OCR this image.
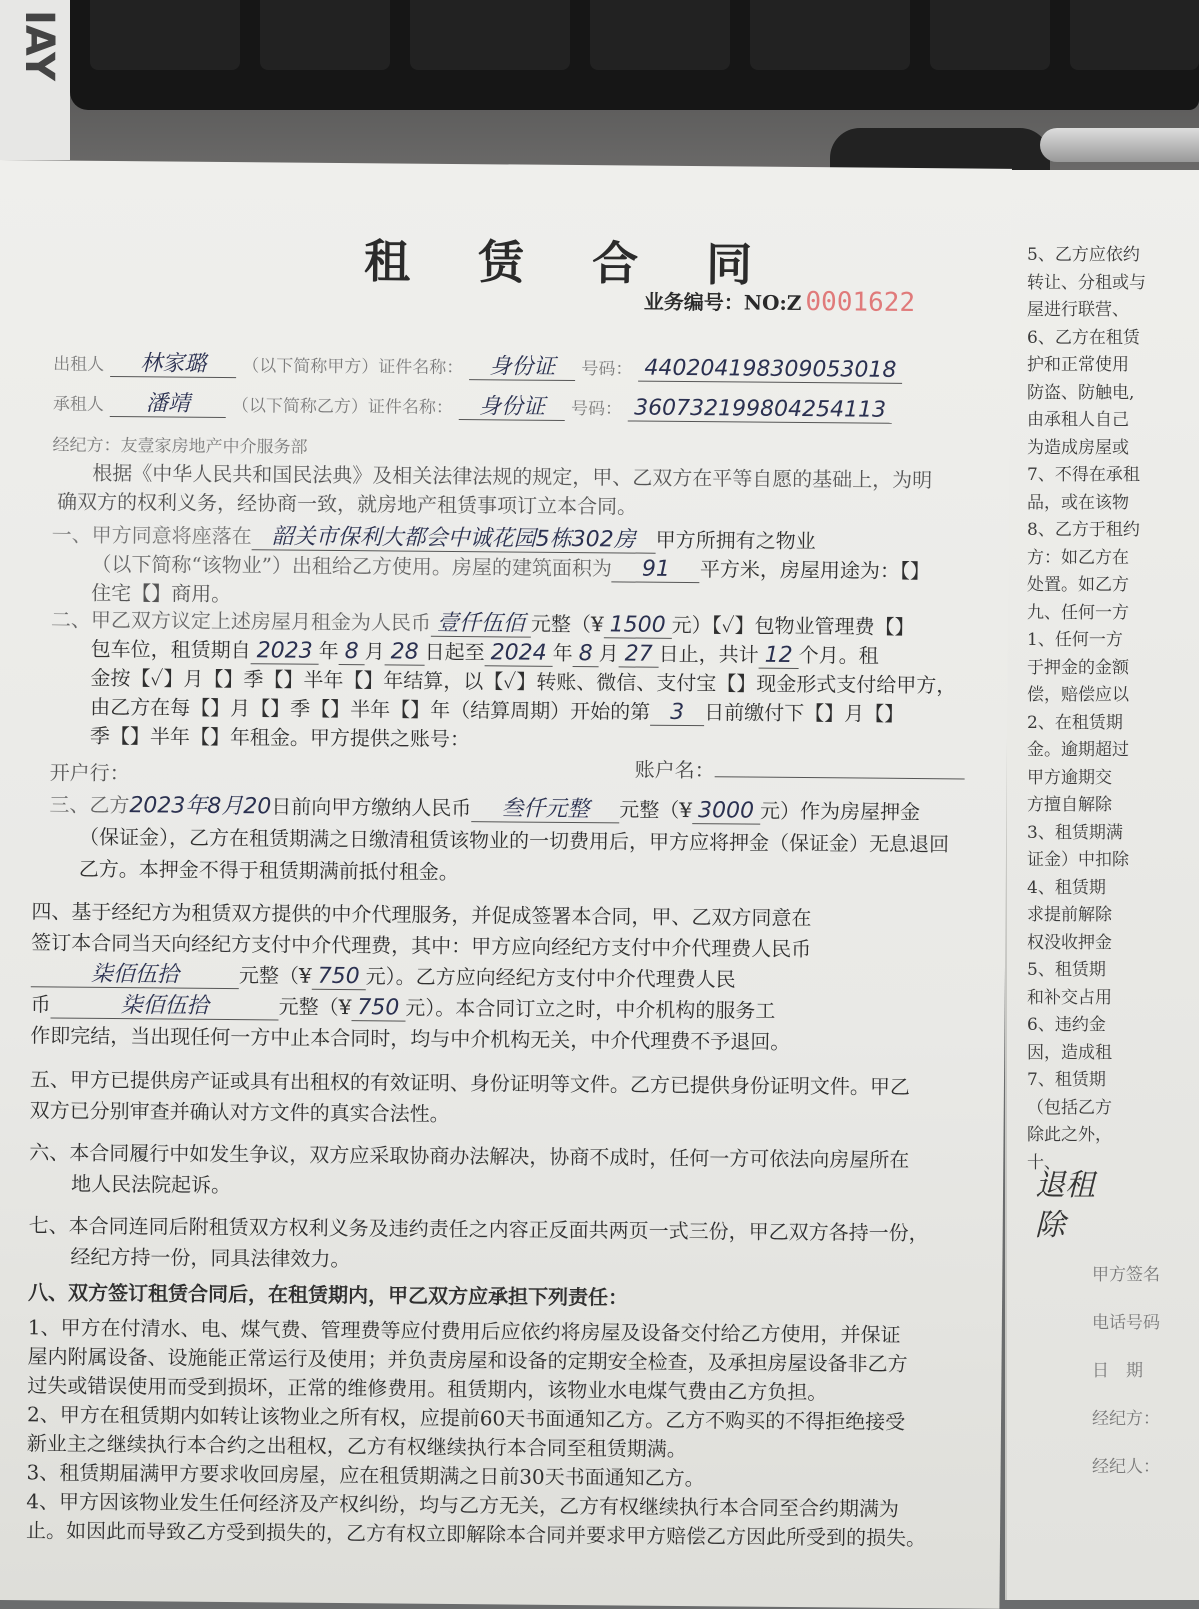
IAY
5、乙方应依约
转让、分租或与
屋进行联营、
6、乙方在租赁
护和正常使用
防盗、防触电,
由承租人自己
为造成房屋或
7、不得在承租
品，或在该物
8、乙方于租约
方：如乙方在
处置。如乙方
九、任何一方
1、任何一方
于押金的金额
偿，赔偿应以
2、在租赁期
金。逾期超过
甲方逾期交
方擅自解除
3、租赁期满
证金）中扣除
4、租赁期
求提前解除
权没收押金
5、租赁期
和补交占用
6、违约金
因，造成租
7、租赁期
（包括乙方
除此之外，
十、
退租
除
甲方签名
电话号码
日　期
经纪方：
经纪人：
租 赁 合 同
业务编号：NO:Z 0001622
出租人 林家璐 （以下简称甲方）证件名称： 身份证 号码： 440204198309053018
承租人 潘靖 （以下简称乙方）证件名称： 身份证 号码： 360732199804254113
经纪方：友壹家房地产中介服务部
根据《中华人民共和国民法典》及相关法律法规的规定，甲、乙双方在平等自愿的基础上，为明
确双方的权利义务，经协商一致，就房地产租赁事项订立本合同。
一、甲方同意将座落在 韶关市保利大都会中诚花园5栋302房 甲方所拥有之物业
（以下简称“该物业”）出租给乙方使用。房屋的建筑面积为 91 平方米，房屋用途为：【】
住宅【】商用。
二、甲乙双方议定上述房屋月租金为人民币 壹仟伍佰 元整（¥ 1500 元）【✓】包物业管理费【】
包车位，租赁期自 2023 年 8 月 28 日起至 2024 年 8 月 27 日止，共计 12 个月。租
金按【✓】月【】季【】半年【】年结算，以【✓】转账、微信、支付宝【】现金形式支付给甲方，
由乙方在每【】月【】季【】半年【】年（结算周期）开始的第 3 日前缴付下【】月【】
季【】半年【】年租金。甲方提供之账号：
开户行：	账户名：
三、乙方2023年8月20日前向甲方缴纳人民币 叁仟元整 元整（¥ 3000 元）作为房屋押金
（保证金），乙方在租赁期满之日缴清租赁该物业的一切费用后，甲方应将押金（保证金）无息退回
乙方。本押金不得于租赁期满前抵付租金。
四、基于经纪方为租赁双方提供的中介代理服务，并促成签署本合同，甲、乙双方同意在
签订本合同当天向经纪方支付中介代理费，其中：甲方应向经纪方支付中介代理费人民币
柒佰伍拾	元整（¥ 750 元）。乙方应向经纪方支付中介代理费人民
币	柒佰伍拾	元整（¥ 750 元）。本合同订立之时，中介机构的服务工
作即完结，当出现任何一方中止本合同时，均与中介机构无关，中介代理费不予退回。
五、甲方已提供房产证或具有出租权的有效证明、身份证明等文件。乙方已提供身份证明文件。甲乙
双方已分别审查并确认对方文件的真实合法性。
六、本合同履行中如发生争议，双方应采取协商办法解决，协商不成时，任何一方可依法向房屋所在
地人民法院起诉。
七、本合同连同后附租赁双方权利义务及违约责任之内容正反面共两页一式三份，甲乙双方各持一份，
经纪方持一份，同具法律效力。
八、双方签订租赁合同后，在租赁期内，甲乙双方应承担下列责任：
1、甲方在付清水、电、煤气费、管理费等应付费用后应依约将房屋及设备交付给乙方使用，并保证
屋内附属设备、设施能正常运行及使用；并负责房屋和设备的定期安全检查，及承担房屋设备非乙方
过失或错误使用而受到损坏，正常的维修费用。租赁期内，该物业水电煤气费由乙方负担。
2、甲方在租赁期内如转让该物业之所有权，应提前60天书面通知乙方。乙方不购买的不得拒绝接受
新业主之继续执行本合约之出租权，乙方有权继续执行本合同至租赁期满。
3、租赁期届满甲方要求收回房屋，应在租赁期满之日前30天书面通知乙方。
4、甲方因该物业发生任何经济及产权纠纷，均与乙方无关，乙方有权继续执行本合同至合约期满为
止。如因此而导致乙方受到损失的，乙方有权立即解除本合同并要求甲方赔偿乙方因此所受到的损失。
